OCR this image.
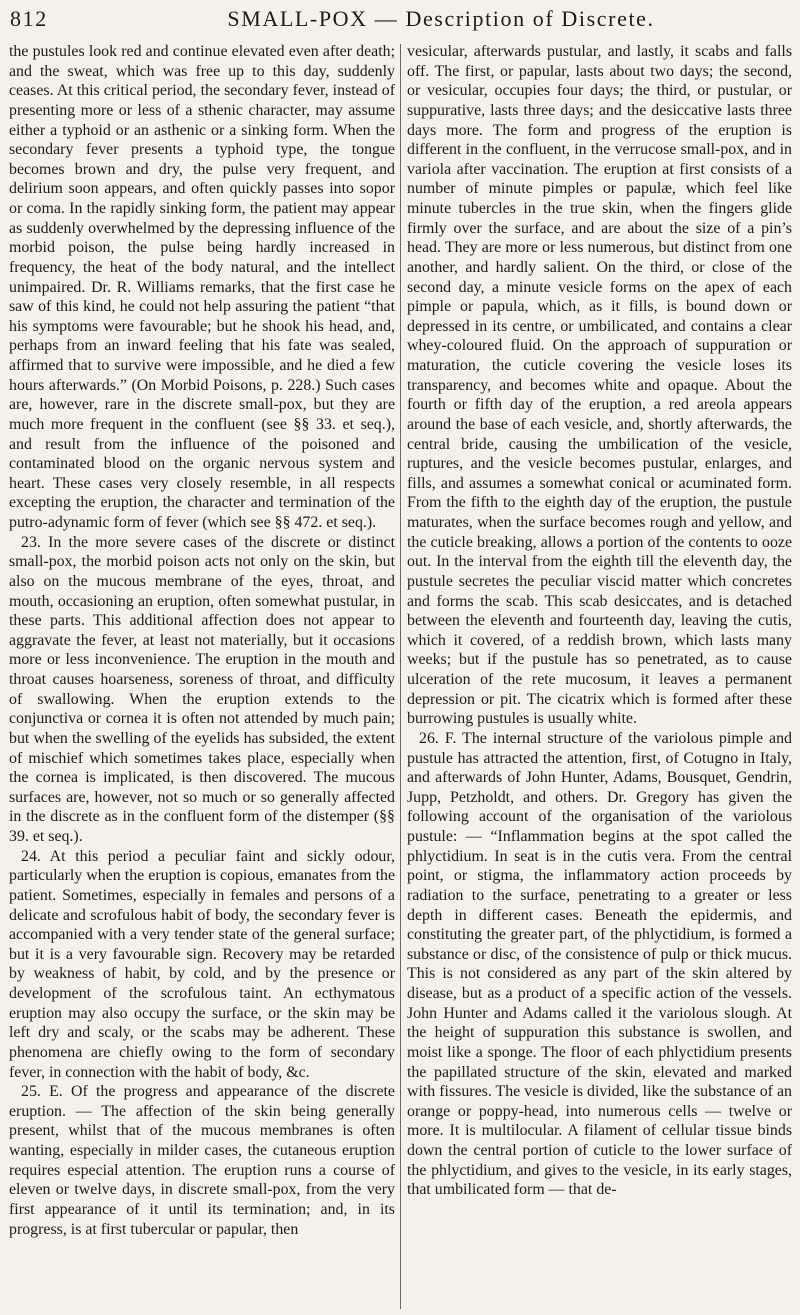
812	SMALL-POX — Description of Discrete.

the pustules look red and continue elevated even after death; and the sweat, which was free up to this day, suddenly ceases. At this critical period, the secondary fever, instead of presenting more or less of a sthenic character, may assume either a typhoid or an asthenic or a sinking form. When the secondary fever presents a typhoid type, the tongue becomes brown and dry, the pulse very frequent, and delirium soon appears, and often quickly passes into sopor or coma. In the rapidly sinking form, the patient may appear as suddenly overwhelmed by the depressing influence of the morbid poison, the pulse being hardly increased in frequency, the heat of the body natural, and the intellect unimpaired. Dr. R. Williams remarks, that the first case he saw of this kind, he could not help assuring the patient “that his symptoms were favourable; but he shook his head, and, perhaps from an inward feeling that his fate was sealed, affirmed that to survive were impossible, and he died a few hours afterwards.” (On Morbid Poisons, p. 228.) Such cases are, however, rare in the discrete small-pox, but they are much more frequent in the confluent (see §§ 33. et seq.), and result from the influence of the poisoned and contaminated blood on the organic nervous system and heart. These cases very closely resemble, in all respects excepting the eruption, the character and termination of the putro-adynamic form of fever (which see §§ 472. et seq.).

23. In the more severe cases of the discrete or distinct small-pox, the morbid poison acts not only on the skin, but also on the mucous membrane of the eyes, throat, and mouth, occasioning an eruption, often somewhat pustular, in these parts. This additional affection does not appear to aggravate the fever, at least not materially, but it occasions more or less inconvenience. The eruption in the mouth and throat causes hoarseness, soreness of throat, and difficulty of swallowing. When the eruption extends to the conjunctiva or cornea it is often not attended by much pain; but when the swelling of the eyelids has subsided, the extent of mischief which sometimes takes place, especially when the cornea is implicated, is then discovered. The mucous surfaces are, however, not so much or so generally affected in the discrete as in the confluent form of the distemper (§§ 39. et seq.).

24. At this period a peculiar faint and sickly odour, particularly when the eruption is copious, emanates from the patient. Sometimes, especially in females and persons of a delicate and scrofulous habit of body, the secondary fever is accompanied with a very tender state of the general surface; but it is a very favourable sign. Recovery may be retarded by weakness of habit, by cold, and by the presence or development of the scrofulous taint. An ecthymatous eruption may also occupy the surface, or the skin may be left dry and scaly, or the scabs may be adherent. These phenomena are chiefly owing to the form of secondary fever, in connection with the habit of body, &c.

25. E. Of the progress and appearance of the discrete eruption. — The affection of the skin being generally present, whilst that of the mucous membranes is often wanting, especially in milder cases, the cutaneous eruption requires especial attention. The eruption runs a course of eleven or twelve days, in discrete small-pox, from the very first appearance of it until its termination; and, in its progress, is at first tubercular or papular, then

vesicular, afterwards pustular, and lastly, it scabs and falls off. The first, or papular, lasts about two days; the second, or vesicular, occupies four days; the third, or pustular, or suppurative, lasts three days; and the desiccative lasts three days more. The form and progress of the eruption is different in the confluent, in the verrucose small-pox, and in variola after vaccination. The eruption at first consists of a number of minute pimples or papulæ, which feel like minute tubercles in the true skin, when the fingers glide firmly over the surface, and are about the size of a pin’s head. They are more or less numerous, but distinct from one another, and hardly salient. On the third, or close of the second day, a minute vesicle forms on the apex of each pimple or papula, which, as it fills, is bound down or depressed in its centre, or umbilicated, and contains a clear whey-coloured fluid. On the approach of suppuration or maturation, the cuticle covering the vesicle loses its transparency, and becomes white and opaque. About the fourth or fifth day of the eruption, a red areola appears around the base of each vesicle, and, shortly afterwards, the central bride, causing the umbilication of the vesicle, ruptures, and the vesicle becomes pustular, enlarges, and fills, and assumes a somewhat conical or acuminated form. From the fifth to the eighth day of the eruption, the pustule maturates, when the surface becomes rough and yellow, and the cuticle breaking, allows a portion of the contents to ooze out. In the interval from the eighth till the eleventh day, the pustule secretes the peculiar viscid matter which concretes and forms the scab. This scab desiccates, and is detached between the eleventh and fourteenth day, leaving the cutis, which it covered, of a reddish brown, which lasts many weeks; but if the pustule has so penetrated, as to cause ulceration of the rete mucosum, it leaves a permanent depression or pit. The cicatrix which is formed after these burrowing pustules is usually white.

26. F. The internal structure of the variolous pimple and pustule has attracted the attention, first, of Cotugno in Italy, and afterwards of John Hunter, Adams, Bousquet, Gendrin, Jupp, Petzholdt, and others. Dr. Gregory has given the following account of the organisation of the variolous pustule: — “Inflammation begins at the spot called the phlyctidium. In seat is in the cutis vera. From the central point, or stigma, the inflammatory action proceeds by radiation to the surface, penetrating to a greater or less depth in different cases. Beneath the epidermis, and constituting the greater part, of the phlyctidium, is formed a substance or disc, of the consistence of pulp or thick mucus. This is not considered as any part of the skin altered by disease, but as a product of a specific action of the vessels. John Hunter and Adams called it the variolous slough. At the height of suppuration this substance is swollen, and moist like a sponge. The floor of each phlyctidium presents the papillated structure of the skin, elevated and marked with fissures. The vesicle is divided, like the substance of an orange or poppy-head, into numerous cells — twelve or more. It is multilocular. A filament of cellular tissue binds down the central portion of cuticle to the lower surface of the phlyctidium, and gives to the vesicle, in its early stages, that umbilicated form — that de-
